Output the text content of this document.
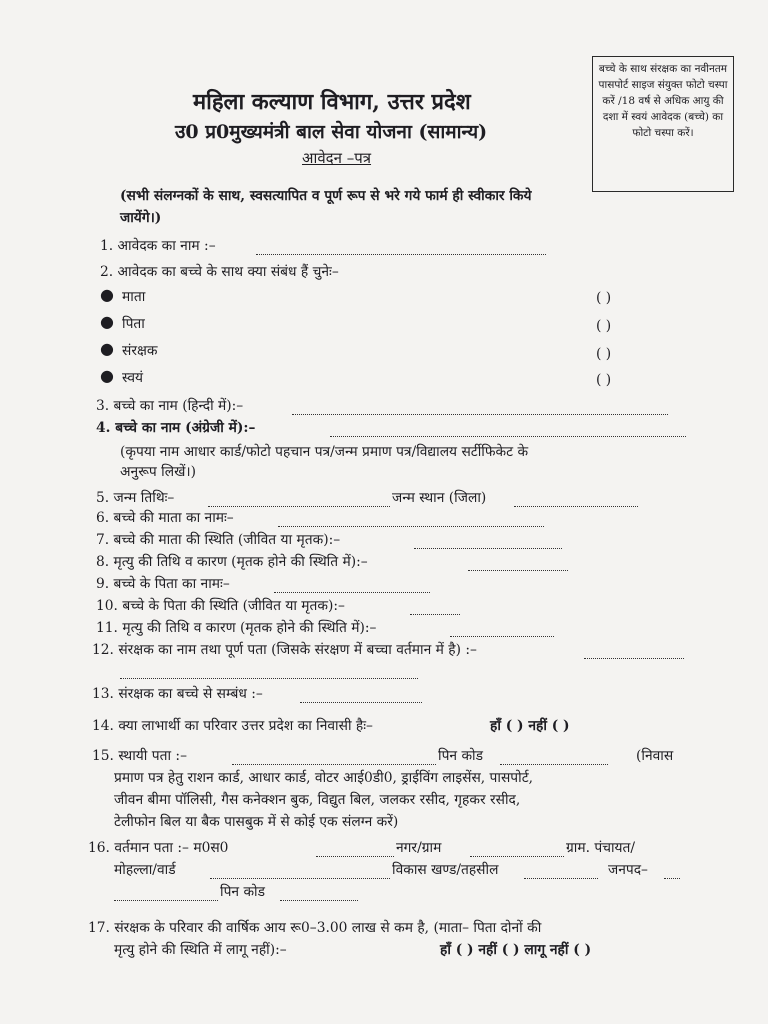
बच्चे के साथ संरक्षक का नवीनतम पासपोर्ट साइज संयुक्त फोटो चस्पा करें /18 वर्ष से अधिक आयु की दशा में स्वयं आवेदक (बच्चे) का फोटो चस्पा करें।
महिला कल्याण विभाग, उत्तर प्रदेश
उ0 प्र0मुख्यमंत्री बाल सेवा योजना (सामान्य)
आवेदन –पत्र
(सभी संलग्नकों के साथ, स्वसत्यापित व पूर्ण रूप से भरे गये फार्म ही स्वीकार किये
जायेंगे।)
1. आवेदक का नाम :–
2. आवेदक का बच्चे के साथ क्या संबंध हैं चुनेः–
● माता	( )
● पिता	( )
● संरक्षक	( )
● स्वयं	( )
3. बच्चे का नाम (हिन्दी में):–
4. बच्चे का नाम (अंग्रेजी में):–
(कृपया नाम आधार कार्ड/फोटो पहचान पत्र/जन्म प्रमाण पत्र/विद्यालय सर्टीफिकेट के
अनुरूप लिखें।)
5. जन्म तिथिः–	जन्म स्थान (जिला)
6. बच्चे की माता का नामः–
7. बच्चे की माता की स्थिति (जीवित या मृतक):–
8. मृत्यु की तिथि व कारण (मृतक होने की स्थिति में):–
9. बच्चे के पिता का नामः–
10. बच्चे के पिता की स्थिति (जीवित या मृतक):–
11. मृत्यु की तिथि व कारण (मृतक होने की स्थिति में):–
12. संरक्षक का नाम तथा पूर्ण पता (जिसके संरक्षण में बच्चा वर्तमान में है) :–
13. संरक्षक का बच्चे से सम्बंध :–
14. क्या लाभार्थी का परिवार उत्तर प्रदेश का निवासी हैः–	हॉं ( ) नहीं ( )
15. स्थायी पता :–	पिन कोड	(निवास
प्रमाण पत्र हेतु राशन कार्ड, आधार कार्ड, वोटर आई0डी0, ड्राईविंग लाइसेंस, पासपोर्ट,
जीवन बीमा पॉलिसी, गैस कनेक्शन बुक, विद्युत बिल, जलकर रसीद, गृहकर रसीद,
टेलीफोन बिल या बैक पासबुक में से कोई एक संलग्न करें)
16. वर्तमान पता :– म0स0	नगर/ग्राम	ग्राम. पंचायत/
मोहल्ला/वार्ड	विकास खण्ड/तहसील	जनपद–
पिन कोड
17. संरक्षक के परिवार की वार्षिक आय रू0–3.00 लाख से कम है, (माता– पिता दोनों की
मृत्यु होने की स्थिति में लागू नहीं):–	हॉं ( ) नहीं ( ) लागू नहीं ( )
